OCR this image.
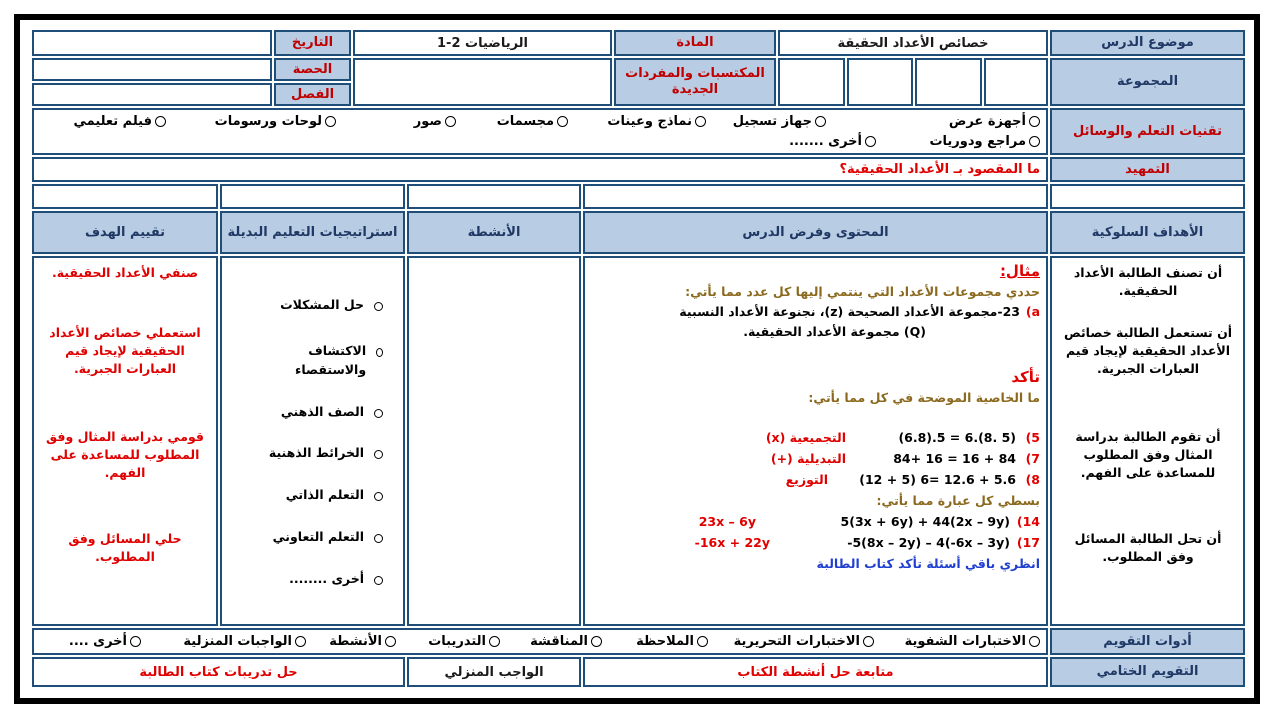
موضوع الدرس
خصائص الأعداد الحقيقة
المادة
الرياضيات 2-1
التاريخ
المجموعة
المكتسبات والمفردات الجديدة
الحصة
الفصل
تقنيات التعلم والوسائل
أجهزة عرض
جهاز تسجيل
نماذج وعينات
مجسمات
صور
لوحات ورسومات
فيلم تعليمي
مراجع ودوريات
أخرى .......
التمهيد
ما المقصود بـ الأعداد الحقيقية؟
الأهداف السلوكية
المحتوى وفرض الدرس
الأنشطة
استراتيجيات التعليم البديلة
تقييم الهدف
أن تصنف الطالبة الأعداد الحقيقية.
أن تستعمل الطالبة خصائص الأعداد الحقيقية لإيجاد قيم العبارات الجبرية.
أن تقوم الطالبة بدراسة المثال وفق المطلوب للمساعدة على الفهم.
أن تحل الطالبة المسائل وفق المطلوب.
مثال:
حددي مجموعات الأعداد التي ينتمي إليها كل عدد مما يأتي:
a)
23-مجموعة الأعداد الصحيحة (z)، نجنوعة الأعداد النسبية
(Q) مجموعة الأعداد الحقيقية.
تأكد
ما الخاصية الموضحة في كل مما يأتي:
5)
(6.8).5 = 6.(8. 5)
التجميعية (x)
7)
84+ 16 = 16 + 84
التبديلية (+)
8)
(12 + 5) 6= 12.6 + 5.6
التوزيع
بسطي كل عبارة مما يأتي:
14)
5(3x + 6y) + 44(2x – 9y)
23x – 6y
17)
-5(8x – 2y) – 4(-6x – 3y)
-16x + 22y
انظري باقي أسئلة تأكد كتاب الطالبة
حل المشكلات
الاكتشاف والاستقصاء
الصف الذهني
الخرائط الذهنية
التعلم الذاتي
التعلم التعاوني
أخرى ........
صنفي الأعداد الحقيقية.
استعملي خصائص الأعداد الحقيقية لإيجاد قيم العبارات الجبرية.
قومي بدراسة المثال وفق المطلوب للمساعدة على الفهم.
حلي المسائل وفق المطلوب.
أدوات التقويم
الاختبارات الشفوية
الاختبارات التحريرية
الملاحظة
المناقشة
التدريبات
الأنشطة
الواجبات المنزلية
أخرى ....
التقويم الختامي
متابعة حل أنشطة الكتاب
الواجب المنزلي
حل تدريبات كتاب الطالبة
